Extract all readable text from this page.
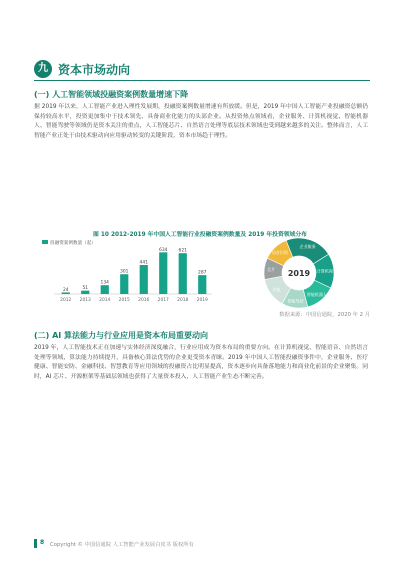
九 资本市场动向
(一) 人工智能领域投融资案例数量增速下降
据 2019 年以来，人工智能产业进入理性发展期，投融资案例数量增速有所放缓。但是，2019 年中国人工智能产业投融资总额仍保持较高水平，投资更加集中于技术领先、具备商业化能力的头部企业。从投资热点领域看，企业服务、计算机视觉、智能机器人、智能驾驶等领域仍是资本关注的重点，人工智能芯片、自然语言处理等底层技术领域也受到越来越多的关注。整体而言，人工智能产业正处于由技术驱动向应用驱动转变的关键阶段，资本市场趋于理性。
图 10 2012-2019 年中国人工智能行业投融资案例数量及 2019 年投资领域分布
投融资案例数量（起）
24
2012
51
2013
134
2014
301
2015
441
2016
634
2017
621
2018
287
2019
企业服务
计算机视觉
智能机器人
智能驾驶
其他
芯片
语音识别
2019
数据来源：中国信通院，2020 年 2 月
(二) AI 算法能力与行业应用是资本布局重要动向
2019 年，人工智能技术正在加速与实体经济深度融合，行业应用成为资本布局的重要方向。在计算机视觉、智能语音、自然语言处理等领域，算法能力持续提升，具备核心算法优势的企业更受资本青睐。2019 年中国人工智能投融资事件中，企业服务、医疗健康、智能安防、金融科技、智慧教育等应用领域的投融资占比明显提高，资本逐步向具备落地能力和商业化前景的企业聚集。同时，AI 芯片、开源框架等基础层领域也获得了大量资本投入，人工智能产业生态不断完善。
8 Copyright © 中国信通院 人工智能产业发展白皮书 版权所有
